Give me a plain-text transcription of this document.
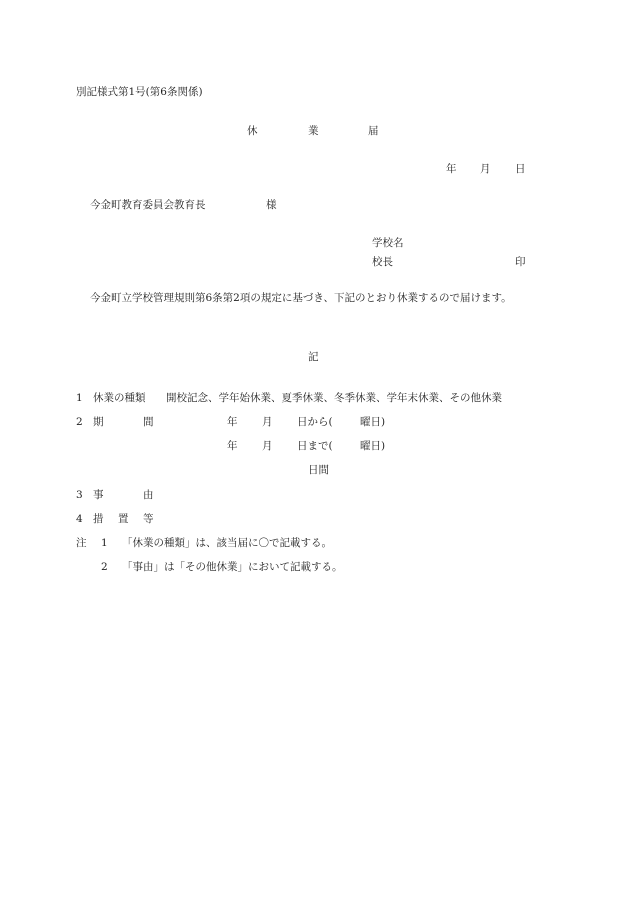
別記様式第1号(第6条関係)
休	業	届
年 月 日
今金町教育委員会教育長	様
学校名
校長	印
今金町立学校管理規則第6条第2項の規定に基づき、下記のとおり休業するので届けます。
記
1 休業の種類 開校記念、学年始休業、夏季休業、冬季休業、学年末休業、その他休業
2 期	間	年 月 日から(	曜日)
年 月 日まで(	曜日)
日間
3 事	由
4 措 置 等
注 1 「休業の種類」は、該当届に〇で記載する。
2 「事由」は「その他休業」において記載する。
